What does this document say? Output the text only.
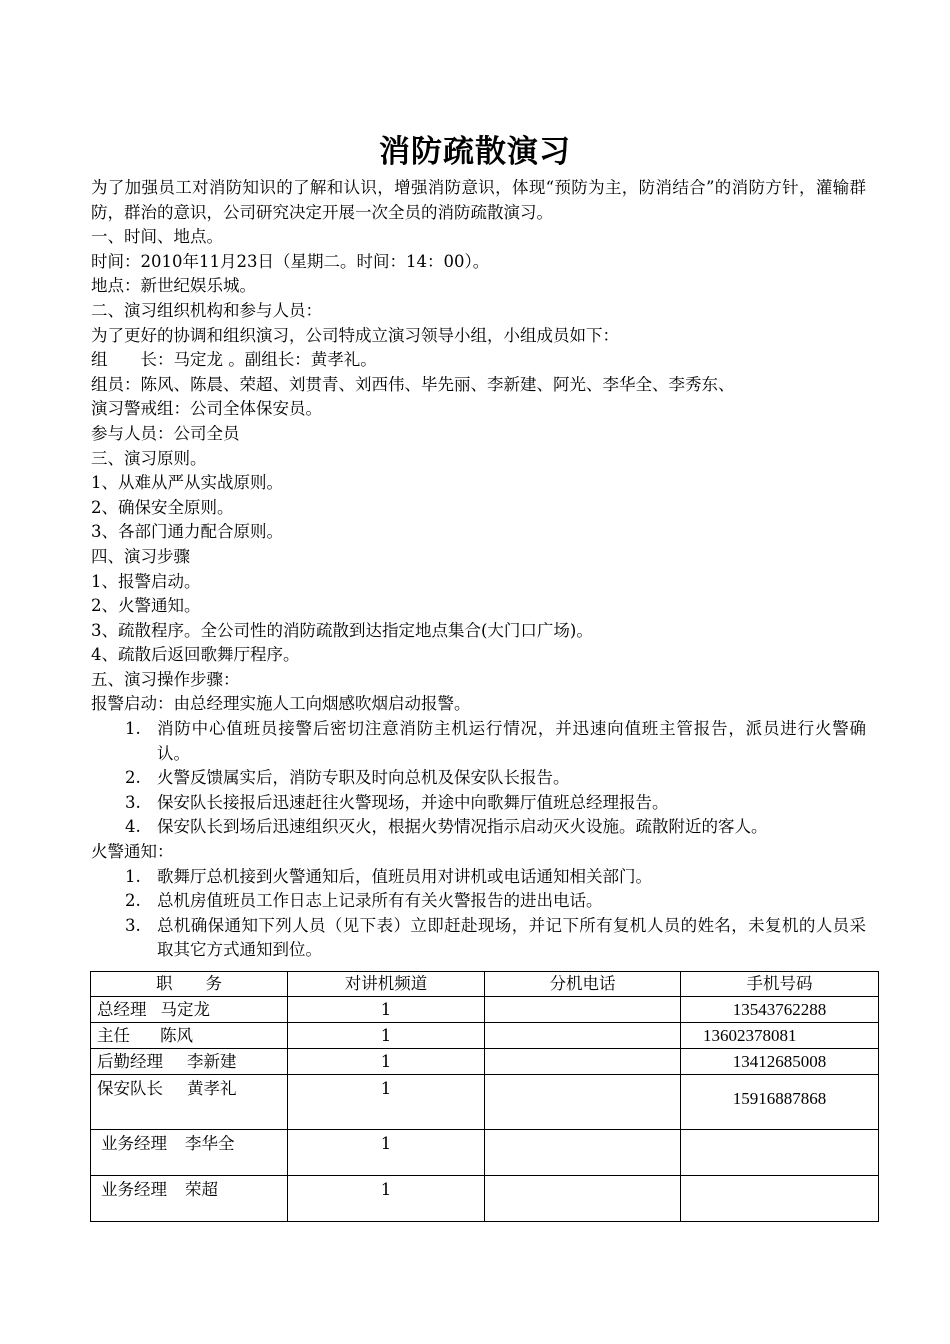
消防疏散演习

为了加强员工对消防知识的了解和认识，增强消防意识，体现“预防为主，防消结合”的消防方针，灌输群防，群治的意识，公司研究决定开展一次全员的消防疏散演习。

一、时间、地点。

时间：2010年11月23日（星期二。时间：14：00）。

地点：新世纪娱乐城。

二、演习组织机构和参与人员：

为了更好的协调和组织演习，公司特成立演习领导小组，小组成员如下：

组　　长：马定龙 。副组长：黄孝礼。

组员：陈风、陈晨、荣超、刘贯青、刘西伟、毕先丽、李新建、阿光、李华全、李秀东、

演习警戒组：公司全体保安员。

参与人员：公司全员

三、演习原则。

1、从难从严从实战原则。

2、确保安全原则。

3、各部门通力配合原则。

四、演习步骤

1、报警启动。

2、火警通知。

3、疏散程序。全公司性的消防疏散到达指定地点集合(大门口广场)。

4、疏散后返回歌舞厅程序。

五、演习操作步骤：

报警启动：由总经理实施人工向烟感吹烟启动报警。

1. 消防中心值班员接警后密切注意消防主机运行情况，并迅速向值班主管报告，派员进行火警确认。
2. 火警反馈属实后，消防专职及时向总机及保安队长报告。
3. 保安队长接报后迅速赶往火警现场，并途中向歌舞厅值班总经理报告。
4. 保安队长到场后迅速组织灭火，根据火势情况指示启动灭火设施。疏散附近的客人。

火警通知：

1. 歌舞厅总机接到火警通知后，值班员用对讲机或电话通知相关部门。
2. 总机房值班员工作日志上记录所有有关火警报告的进出电话。
3. 总机确保通知下列人员（见下表）立即赶赴现场，并记下所有复机人员的姓名，未复机的人员采取其它方式通知到位。
职　　务	对讲机频道	分机电话	手机号码
总经理 马定龙	1		13543762288
主任 陈风	1		13602378081
后勤经理 李新建	1		13412685008
保安队长 黄孝礼	1		15916887868
业务经理 李华全	1		
业务经理 荣超	1		
